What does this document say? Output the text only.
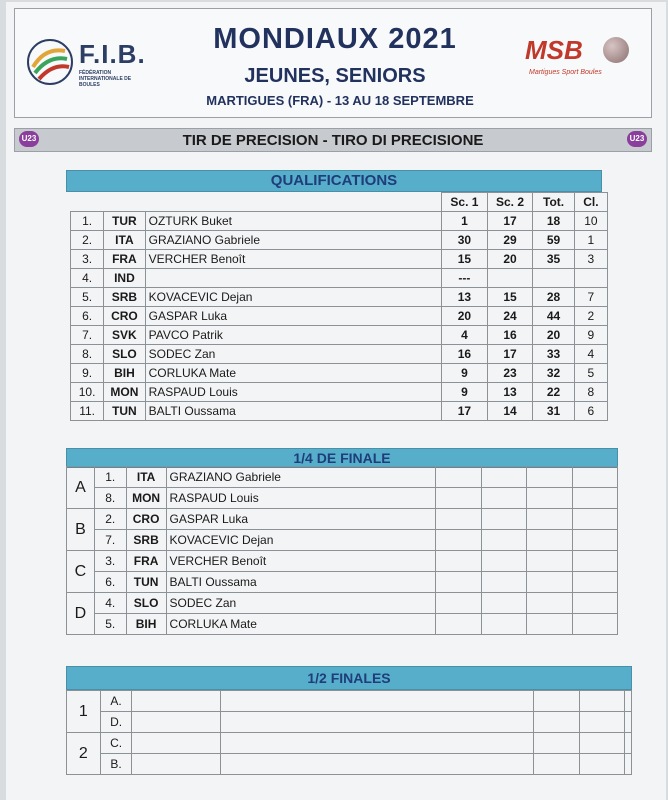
F.I.B.
FÉDÉRATION INTERNATIONALE DE BOULES
MONDIAUX 2021
JEUNES, SENIORS
MARTIGUES (FRA) - 13 AU 18 SEPTEMBRE
MSB
Martigues Sport Boules
U23	TIR DE PRECISION - TIRO DI PRECISIONE	U23
QUALIFICATIONS
			Sc. 1	Sc. 2	Tot.	Cl.
1.	TUR	OZTURK Buket	1	17	18	10
2.	ITA	GRAZIANO Gabriele	30	29	59	1
3.	FRA	VERCHER Benoît	15	20	35	3
4.	IND		---			
5.	SRB	KOVACEVIC Dejan	13	15	28	7
6.	CRO	GASPAR Luka	20	24	44	2
7.	SVK	PAVCO Patrik	4	16	20	9
8.	SLO	SODEC Zan	16	17	33	4
9.	BIH	CORLUKA Mate	9	23	32	5
10.	MON	RASPAUD Louis	9	13	22	8
11.	TUN	BALTI Oussama	17	14	31	6
1/4 DE FINALE
A	1.	ITA	GRAZIANO Gabriele				
	8.	MON	RASPAUD Louis				
B	2.	CRO	GASPAR Luka				
	7.	SRB	KOVACEVIC Dejan				
C	3.	FRA	VERCHER Benoît				
	6.	TUN	BALTI Oussama				
D	4.	SLO	SODEC Zan				
	5.	BIH	CORLUKA Mate				
1/2 FINALES
1	A.					
	D.					
2	C.					
	B.					
